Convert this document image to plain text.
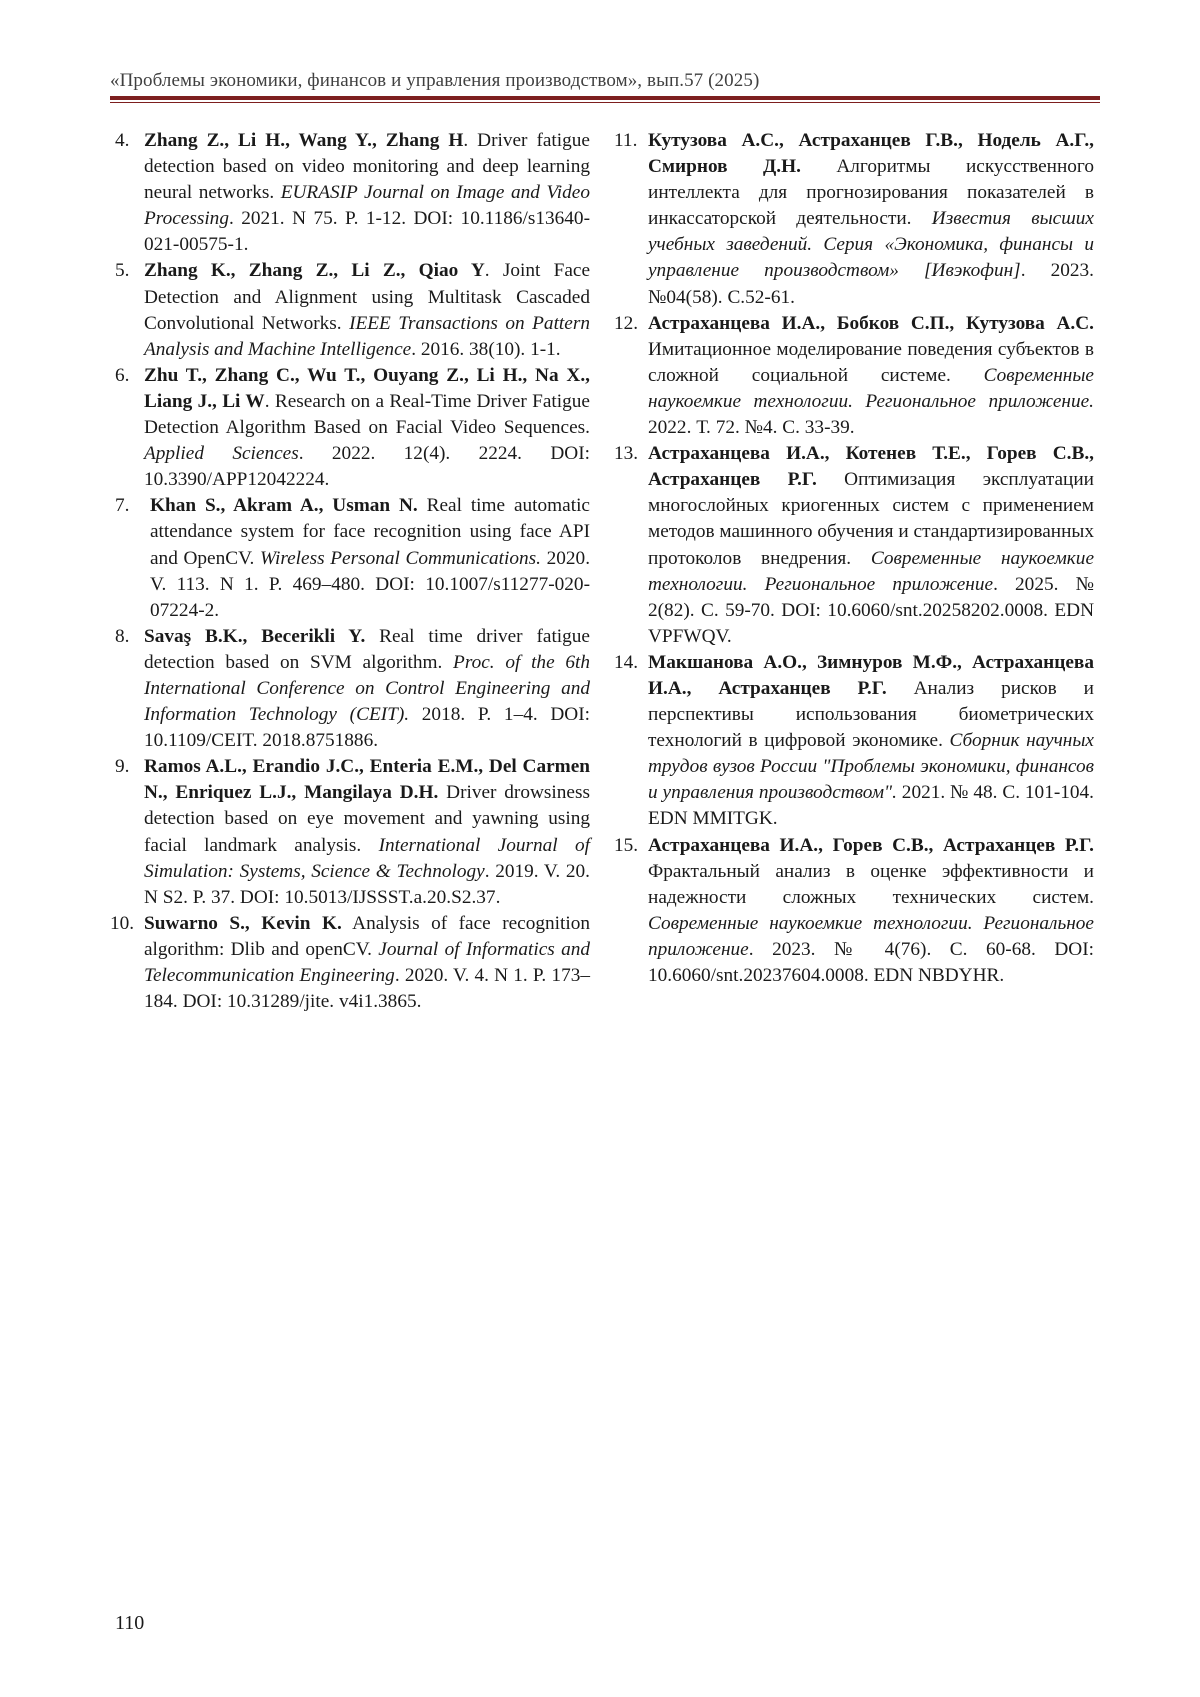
«Проблемы экономики, финансов и управления производством», вып.57 (2025)

4. Zhang Z., Li H., Wang Y., Zhang H. Driver fatigue detection based on video monitoring and deep learning neural networks. EURASIP Journal on Image and Video Processing. 2021. N 75. P. 1-12. DOI: 10.1186/s13640-021-00575-1.

5. Zhang K., Zhang Z., Li Z., Qiao Y. Joint Face Detection and Alignment using Multitask Cascaded Convolutional Networks. IEEE Transactions on Pattern Analysis and Machine Intelligence. 2016. 38(10). 1-1.

6. Zhu T., Zhang C., Wu T., Ouyang Z., Li H., Na X., Liang J., Li W. Research on a Real-Time Driver Fatigue Detection Algorithm Based on Facial Video Sequences. Applied Sciences. 2022. 12(4). 2224. DOI: 10.3390/APP12042224.

7. Khan S., Akram A., Usman N. Real time automatic attendance system for face recognition using face API and OpenCV. Wireless Personal Communications. 2020. V. 113. N 1. P. 469–480. DOI: 10.1007/s11277-020-07224-2.

8. Savaş B.K., Becerikli Y. Real time driver fatigue detection based on SVM algorithm. Proc. of the 6th International Conference on Control Engineering and Information Technology (CEIT). 2018. P. 1–4. DOI: 10.1109/CEIT. 2018.8751886.

9. Ramos A.L., Erandio J.C., Enteria E.M., Del Carmen N., Enriquez L.J., Mangilaya D.H. Driver drowsiness detection based on eye movement and yawning using facial landmark analysis. International Journal of Simulation: Systems, Science & Technology. 2019. V. 20. N S2. P. 37. DOI: 10.5013/IJSSST.a.20.S2.37.

10. Suwarno S., Kevin K. Analysis of face recognition algorithm: Dlib and openCV. Journal of Informatics and Telecommunication Engineering. 2020. V. 4. N 1. P. 173–184. DOI: 10.31289/jite. v4i1.3865.

11. Кутузова А.С., Астраханцев Г.В., Нодель А.Г., Смирнов Д.Н. Алгоритмы искусственного интеллекта для прогнозирования показателей в инкассаторской деятельности. Известия высших учебных заведений. Серия «Экономика, финансы и управление производством» [Ивэкофин]. 2023. №04(58). С.52-61.

12. Астраханцева И.А., Бобков С.П., Кутузова А.С. Имитационное моделирование поведения субъектов в сложной социальной системе. Современные наукоемкие технологии. Региональное приложение. 2022. Т. 72. №4. С. 33-39.

13. Астраханцева И.А., Котенев Т.Е., Горев С.В., Астраханцев Р.Г. Оптимизация эксплуатации многослойных криогенных систем с применением методов машинного обучения и стандартизированных протоколов внедрения. Современные наукоемкие технологии. Региональное приложение. 2025. № 2(82). С. 59-70. DOI: 10.6060/snt.20258202.0008. EDN VPFWQV.

14. Макшанова А.О., Зимнуров М.Ф., Астраханцева И.А., Астраханцев Р.Г. Анализ рисков и перспективы использования биометрических технологий в цифровой экономике. Сборник научных трудов вузов России "Проблемы экономики, финансов и управления производством". 2021. № 48. С. 101-104. EDN MMITGK.

15. Астраханцева И.А., Горев С.В., Астраханцев Р.Г. Фрактальный анализ в оценке эффективности и надежности сложных технических систем. Современные наукоемкие технологии. Региональное приложение. 2023. № 4(76). С. 60-68. DOI: 10.6060/snt.20237604.0008. EDN NBDYHR.

110
